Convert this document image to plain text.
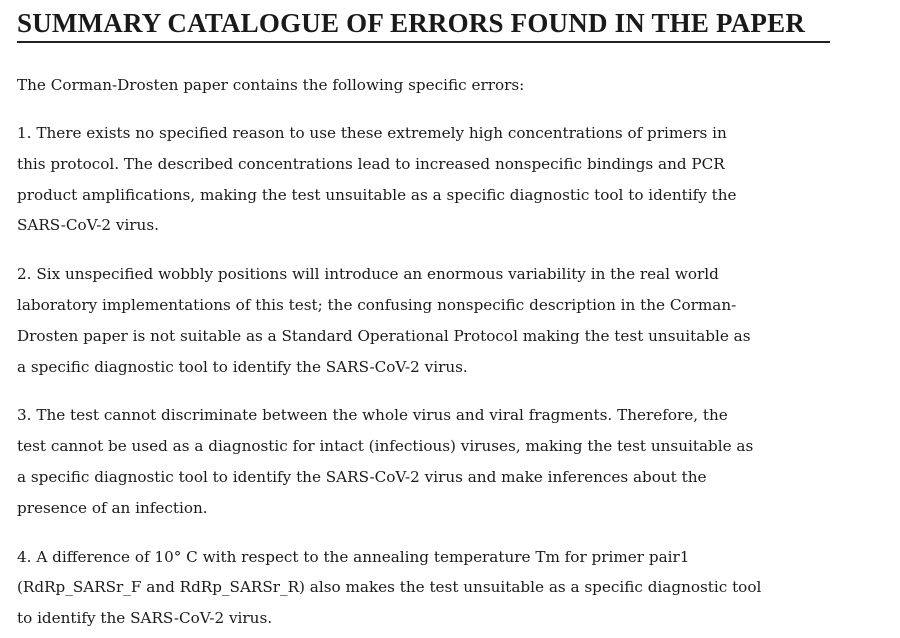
SUMMARY CATALOGUE OF ERRORS FOUND IN THE PAPER

The Corman-Drosten paper contains the following specific errors:

1. There exists no specified reason to use these extremely high concentrations of primers in
this protocol. The described concentrations lead to increased nonspecific bindings and PCR
product amplifications, making the test unsuitable as a specific diagnostic tool to identify the
SARS-CoV-2 virus.
2. Six unspecified wobbly positions will introduce an enormous variability in the real world
laboratory implementations of this test; the confusing nonspecific description in the Corman-
Drosten paper is not suitable as a Standard Operational Protocol making the test unsuitable as
a specific diagnostic tool to identify the SARS-CoV-2 virus.
3. The test cannot discriminate between the whole virus and viral fragments. Therefore, the
test cannot be used as a diagnostic for intact (infectious) viruses, making the test unsuitable as
a specific diagnostic tool to identify the SARS-CoV-2 virus and make inferences about the
presence of an infection.
4. A difference of 10° C with respect to the annealing temperature Tm for primer pair1
(RdRp_SARSr_F and RdRp_SARSr_R) also makes the test unsuitable as a specific diagnostic tool
to identify the SARS-CoV-2 virus.
